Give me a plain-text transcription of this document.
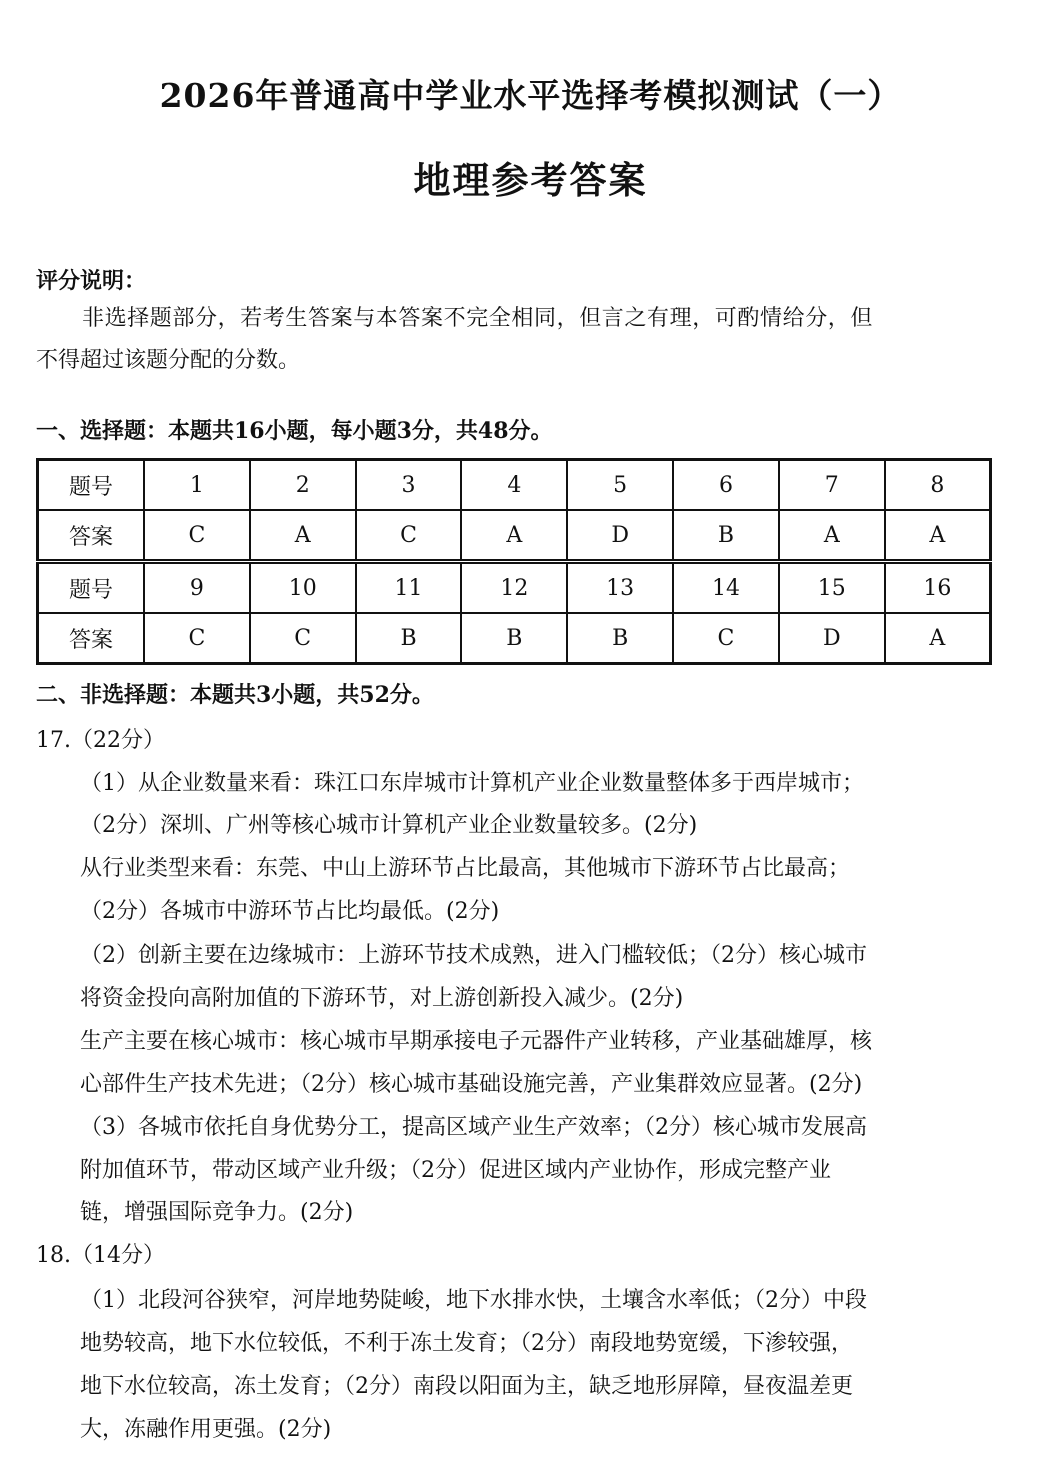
2026年普通高中学业水平选择考模拟测试（一）
地理参考答案
评分说明：
非选择题部分，若考生答案与本答案不完全相同，但言之有理，可酌情给分，但
不得超过该题分配的分数。
一、选择题：本题共16小题，每小题3分，共48分。
题号	1	2	3	4	5	6	7	8
答案	C	A	C	A	D	B	A	A
题号	9	10	11	12	13	14	15	16
答案	C	C	B	B	B	C	D	A
二、非选择题：本题共3小题，共52分。
17.（22分）
（1）从企业数量来看：珠江口东岸城市计算机产业企业数量整体多于西岸城市；
（2分）深圳、广州等核心城市计算机产业企业数量较多。(2分)
从行业类型来看：东莞、中山上游环节占比最高，其他城市下游环节占比最高；
（2分）各城市中游环节占比均最低。(2分)
（2）创新主要在边缘城市：上游环节技术成熟，进入门槛较低；（2分）核心城市
将资金投向高附加值的下游环节，对上游创新投入减少。(2分)
生产主要在核心城市：核心城市早期承接电子元器件产业转移，产业基础雄厚，核
心部件生产技术先进；（2分）核心城市基础设施完善，产业集群效应显著。(2分)
（3）各城市依托自身优势分工，提高区域产业生产效率；（2分）核心城市发展高
附加值环节，带动区域产业升级；（2分）促进区域内产业协作，形成完整产业
链，增强国际竞争力。(2分)
18.（14分）
（1）北段河谷狭窄，河岸地势陡峻，地下水排水快，土壤含水率低；（2分）中段
地势较高，地下水位较低，不利于冻土发育；（2分）南段地势宽缓，下渗较强，
地下水位较高，冻土发育；（2分）南段以阳面为主，缺乏地形屏障，昼夜温差更
大，冻融作用更强。(2分)
